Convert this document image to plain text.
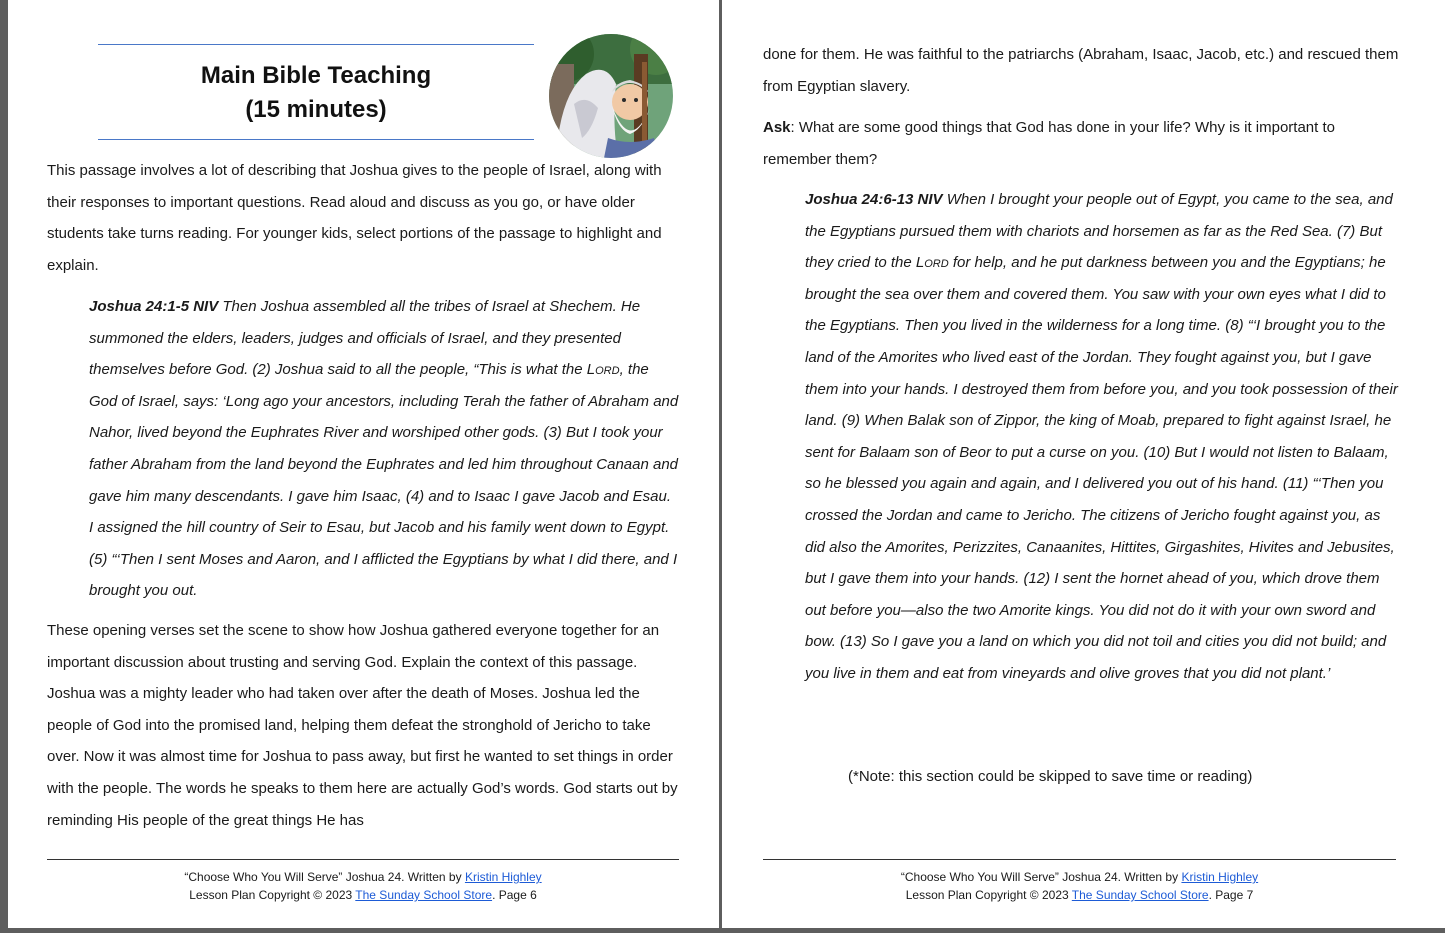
Main Bible Teaching
(15 minutes)

This passage involves a lot of describing that Joshua gives to the people of Israel, along with their responses to important questions. Read aloud and discuss as you go, or have older students take turns reading. For younger kids, select portions of the passage to highlight and explain.

Joshua 24:1-5 NIV Then Joshua assembled all the tribes of Israel at Shechem. He summoned the elders, leaders, judges and officials of Israel, and they presented themselves before God. (2) Joshua said to all the people, “This is what the Lord, the God of Israel, says: ‘Long ago your ancestors, including Terah the father of Abraham and Nahor, lived beyond the Euphrates River and worshiped other gods. (3) But I took your father Abraham from the land beyond the Euphrates and led him throughout Canaan and gave him many descendants. I gave him Isaac, (4) and to Isaac I gave Jacob and Esau. I assigned the hill country of Seir to Esau, but Jacob and his family went down to Egypt. (5) “‘Then I sent Moses and Aaron, and I afflicted the Egyptians by what I did there, and I brought you out.

These opening verses set the scene to show how Joshua gathered everyone together for an important discussion about trusting and serving God. Explain the context of this passage. Joshua was a mighty leader who had taken over after the death of Moses. Joshua led the people of God into the promised land, helping them defeat the stronghold of Jericho to take over. Now it was almost time for Joshua to pass away, but first he wanted to set things in order with the people. The words he speaks to them here are actually God’s words. God starts out by reminding His people of the great things He has

“Choose Who You Will Serve” Joshua 24. Written by Kristin Highley
Lesson Plan Copyright © 2023 The Sunday School Store. Page 6

done for them. He was faithful to the patriarchs (Abraham, Isaac, Jacob, etc.) and rescued them from Egyptian slavery.

Ask: What are some good things that God has done in your life? Why is it important to remember them?

Joshua 24:6-13 NIV When I brought your people out of Egypt, you came to the sea, and the Egyptians pursued them with chariots and horsemen as far as the Red Sea. (7) But they cried to the Lord for help, and he put darkness between you and the Egyptians; he brought the sea over them and covered them. You saw with your own eyes what I did to the Egyptians. Then you lived in the wilderness for a long time. (8) “‘I brought you to the land of the Amorites who lived east of the Jordan. They fought against you, but I gave them into your hands. I destroyed them from before you, and you took possession of their land. (9) When Balak son of Zippor, the king of Moab, prepared to fight against Israel, he sent for Balaam son of Beor to put a curse on you. (10) But I would not listen to Balaam, so he blessed you again and again, and I delivered you out of his hand. (11) “‘Then you crossed the Jordan and came to Jericho. The citizens of Jericho fought against you, as did also the Amorites, Perizzites, Canaanites, Hittites, Girgashites, Hivites and Jebusites, but I gave them into your hands. (12) I sent the hornet ahead of you, which drove them out before you—also the two Amorite kings. You did not do it with your own sword and bow. (13) So I gave you a land on which you did not toil and cities you did not build; and you live in them and eat from vineyards and olive groves that you did not plant.’

(*Note: this section could be skipped to save time or reading)

“Choose Who You Will Serve” Joshua 24. Written by Kristin Highley
Lesson Plan Copyright © 2023 The Sunday School Store. Page 7
